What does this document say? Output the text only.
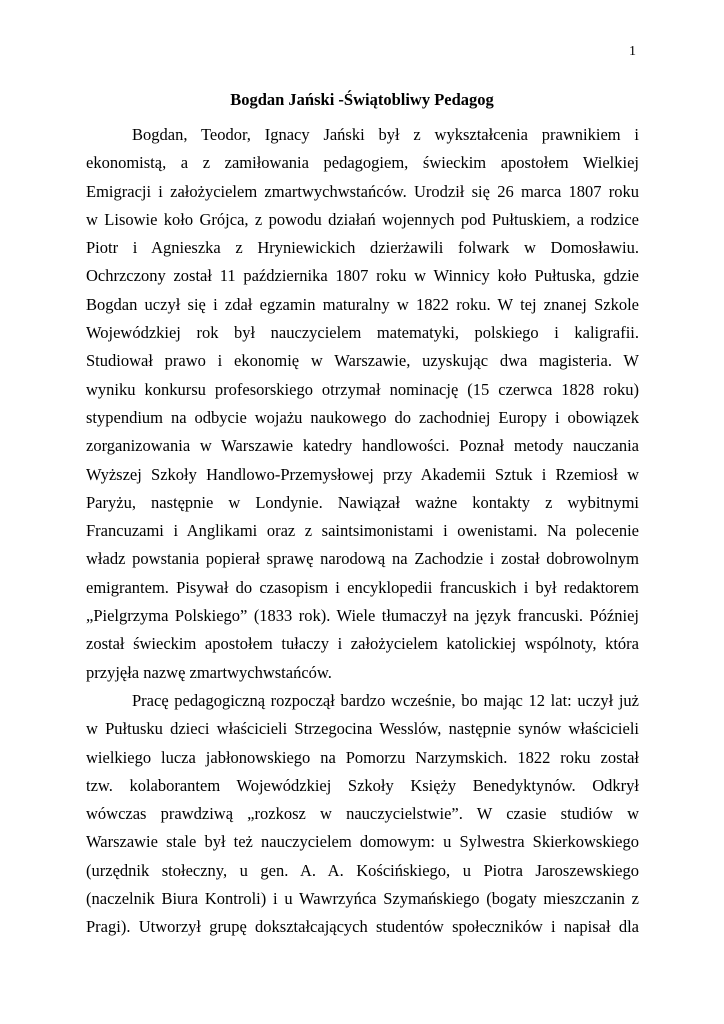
1
Bogdan Jański -Świątobliwy Pedagog

Bogdan, Teodor, Ignacy Jański był z wykształcenia prawnikiem i
ekonomistą, a z zamiłowania pedagogiem, świeckim apostołem Wielkiej
Emigracji i założycielem zmartwychwstańców. Urodził się 26 marca 1807 roku
w Lisowie koło Grójca, z powodu działań wojennych pod Pułtuskiem, a rodzice
Piotr i Agnieszka z Hryniewickich dzierżawili folwark w Domosławiu.
Ochrzczony został 11 października 1807 roku w Winnicy koło Pułtuska, gdzie
Bogdan uczył się i zdał egzamin maturalny w 1822 roku. W tej znanej Szkole
Wojewódzkiej rok był nauczycielem matematyki, polskiego i kaligrafii.
Studiował prawo i ekonomię w Warszawie, uzyskując dwa magisteria. W
wyniku konkursu profesorskiego otrzymał nominację (15 czerwca 1828 roku)
stypendium na odbycie wojażu naukowego do zachodniej Europy i obowiązek
zorganizowania w Warszawie katedry handlowości. Poznał metody nauczania
Wyższej Szkoły Handlowo-Przemysłowej przy Akademii Sztuk i Rzemiosł w
Paryżu, następnie w Londynie. Nawiązał ważne kontakty z wybitnymi
Francuzami i Anglikami oraz z saintsimonistami i owenistami. Na polecenie
władz powstania popierał sprawę narodową na Zachodzie i został dobrowolnym
emigrantem. Pisywał do czasopism i encyklopedii francuskich i był redaktorem
„Pielgrzyma Polskiego” (1833 rok). Wiele tłumaczył na język francuski. Później
został świeckim apostołem tułaczy i założycielem katolickiej wspólnoty, która
przyjęła nazwę zmartwychwstańców.

Pracę pedagogiczną rozpoczął bardzo wcześnie, bo mając 12 lat: uczył już
w Pułtusku dzieci właścicieli Strzegocina Wesslów, następnie synów właścicieli
wielkiego lucza jabłonowskiego na Pomorzu Narzymskich. 1822 roku został
tzw. kolaborantem Wojewódzkiej Szkoły Księży Benedyktynów. Odkrył
wówczas prawdziwą „rozkosz w nauczycielstwie”. W czasie studiów w
Warszawie stale był też nauczycielem domowym: u Sylwestra Skierkowskiego
(urzędnik stołeczny, u gen. A. A. Kościńskiego, u Piotra Jaroszewskiego
(naczelnik Biura Kontroli) i u Wawrzyńca Szymańskiego (bogaty mieszczanin z
Pragi). Utworzył grupę dokształcających studentów społeczników i napisał dla
